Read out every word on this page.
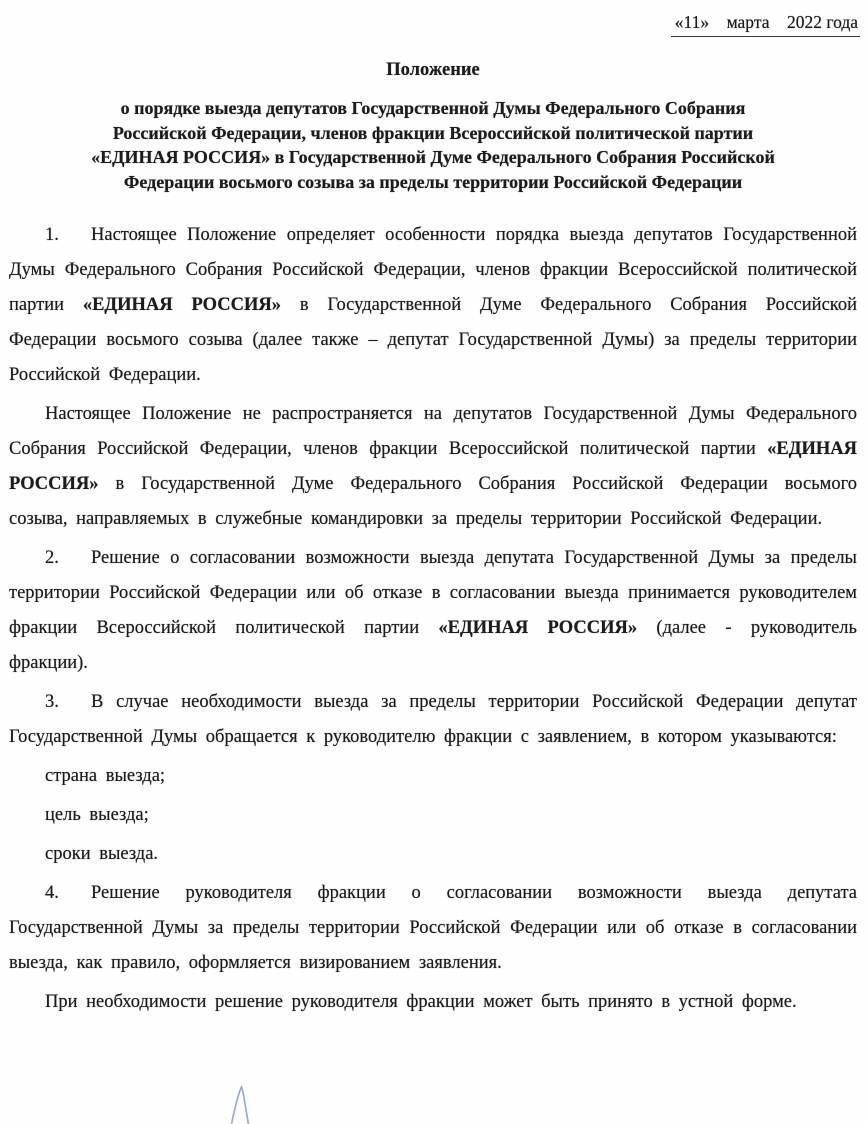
«11»    марта    2022 года
Положение
о порядке выезда депутатов Государственной Думы Федерального Собрания
Российской Федерации, членов фракции Всероссийской политической партии
«ЕДИНАЯ РОССИЯ» в Государственной Думе Федерального Собрания Российской
Федерации восьмого созыва за пределы территории Российской Федерации

1. Настоящее Положение определяет особенности порядка выезда депутатов Государственной Думы Федерального Собрания Российской Федерации, членов фракции Всероссийской политической партии «ЕДИНАЯ РОССИЯ» в Государственной Думе Федерального Собрания Российской Федерации восьмого созыва (далее также – депутат Государственной Думы) за пределы территории Российской Федерации.

Настоящее Положение не распространяется на депутатов Государственной Думы Федерального Собрания Российской Федерации, членов фракции Всероссийской политической партии «ЕДИНАЯ РОССИЯ» в Государственной Думе Федерального Собрания Российской Федерации восьмого созыва, направляемых в служебные командировки за пределы территории Российской Федерации.

2. Решение о согласовании возможности выезда депутата Государственной Думы за пределы территории Российской Федерации или об отказе в согласовании выезда принимается руководителем фракции Всероссийской политической партии «ЕДИНАЯ РОССИЯ» (далее - руководитель фракции).

3. В случае необходимости выезда за пределы территории Российской Федерации депутат Государственной Думы обращается к руководителю фракции с заявлением, в котором указываются:

страна выезда;

цель выезда;

сроки выезда.

4. Решение руководителя фракции о согласовании возможности выезда депутата Государственной Думы за пределы территории Российской Федерации или об отказе в согласовании выезда, как правило, оформляется визированием заявления.

При необходимости решение руководителя фракции может быть принято в устной форме.
